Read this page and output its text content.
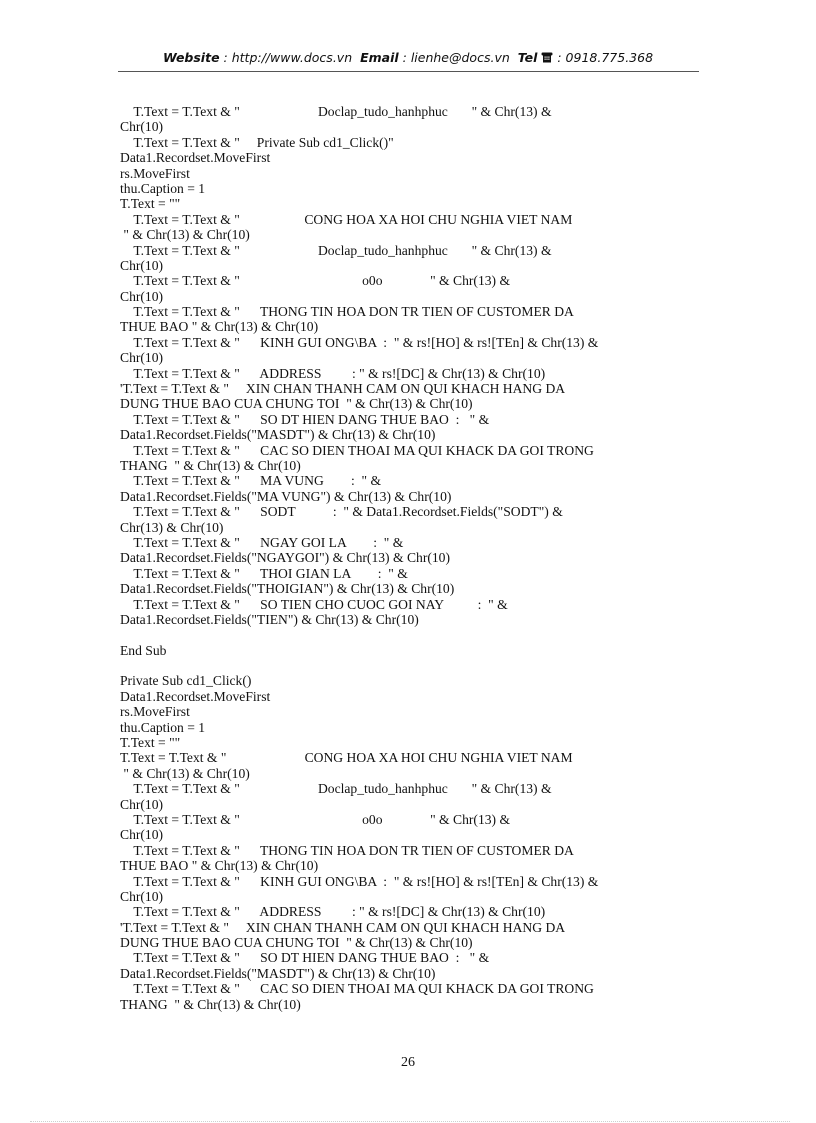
Website : http://www.docs.vn Email : lienhe@docs.vn Tel : 0918.775.368
T.Text = T.Text & "                       Doclap_tudo_hanhphuc       " & Chr(13) &
Chr(10)
T.Text = T.Text & "     Private Sub cd1_Click()"
Data1.Recordset.MoveFirst
rs.MoveFirst
thu.Caption = 1
T.Text = ""
T.Text = T.Text & "                   CONG HOA XA HOI CHU NGHIA VIET NAM
" & Chr(13) & Chr(10)
T.Text = T.Text & "                       Doclap_tudo_hanhphuc       " & Chr(13) &
Chr(10)
T.Text = T.Text & "                                    o0o              " & Chr(13) &
Chr(10)
T.Text = T.Text & "      THONG TIN HOA DON TR TIEN OF CUSTOMER DA
THUE BAO " & Chr(13) & Chr(10)
T.Text = T.Text & "      KINH GUI ONG\BA  :  " & rs![HO] & rs![TEn] & Chr(13) &
Chr(10)
T.Text = T.Text & "      ADDRESS         : " & rs![DC] & Chr(13) & Chr(10)
'T.Text = T.Text & "     XIN CHAN THANH CAM ON QUI KHACH HANG DA
DUNG THUE BAO CUA CHUNG TOI  " & Chr(13) & Chr(10)
T.Text = T.Text & "      SO DT HIEN DANG THUE BAO  :   " &
Data1.Recordset.Fields("MASDT") & Chr(13) & Chr(10)
T.Text = T.Text & "      CAC SO DIEN THOAI MA QUI KHACK DA GOI TRONG
THANG  " & Chr(13) & Chr(10)
T.Text = T.Text & "      MA VUNG        :  " &
Data1.Recordset.Fields("MA VUNG") & Chr(13) & Chr(10)
T.Text = T.Text & "      SODT           :  " & Data1.Recordset.Fields("SODT") &
Chr(13) & Chr(10)
T.Text = T.Text & "      NGAY GOI LA        :  " &
Data1.Recordset.Fields("NGAYGOI") & Chr(13) & Chr(10)
T.Text = T.Text & "      THOI GIAN LA        :  " &
Data1.Recordset.Fields("THOIGIAN") & Chr(13) & Chr(10)
T.Text = T.Text & "      SO TIEN CHO CUOC GOI NAY          :  " &
Data1.Recordset.Fields("TIEN") & Chr(13) & Chr(10)
End Sub
Private Sub cd1_Click()
Data1.Recordset.MoveFirst
rs.MoveFirst
thu.Caption = 1
T.Text = ""
T.Text = T.Text & "                       CONG HOA XA HOI CHU NGHIA VIET NAM
" & Chr(13) & Chr(10)
T.Text = T.Text & "                       Doclap_tudo_hanhphuc       " & Chr(13) &
Chr(10)
T.Text = T.Text & "                                    o0o              " & Chr(13) &
Chr(10)
T.Text = T.Text & "      THONG TIN HOA DON TR TIEN OF CUSTOMER DA
THUE BAO " & Chr(13) & Chr(10)
T.Text = T.Text & "      KINH GUI ONG\BA  :  " & rs![HO] & rs![TEn] & Chr(13) &
Chr(10)
T.Text = T.Text & "      ADDRESS         : " & rs![DC] & Chr(13) & Chr(10)
'T.Text = T.Text & "     XIN CHAN THANH CAM ON QUI KHACH HANG DA
DUNG THUE BAO CUA CHUNG TOI  " & Chr(13) & Chr(10)
T.Text = T.Text & "      SO DT HIEN DANG THUE BAO  :   " &
Data1.Recordset.Fields("MASDT") & Chr(13) & Chr(10)
T.Text = T.Text & "      CAC SO DIEN THOAI MA QUI KHACK DA GOI TRONG
THANG  " & Chr(13) & Chr(10)
26
